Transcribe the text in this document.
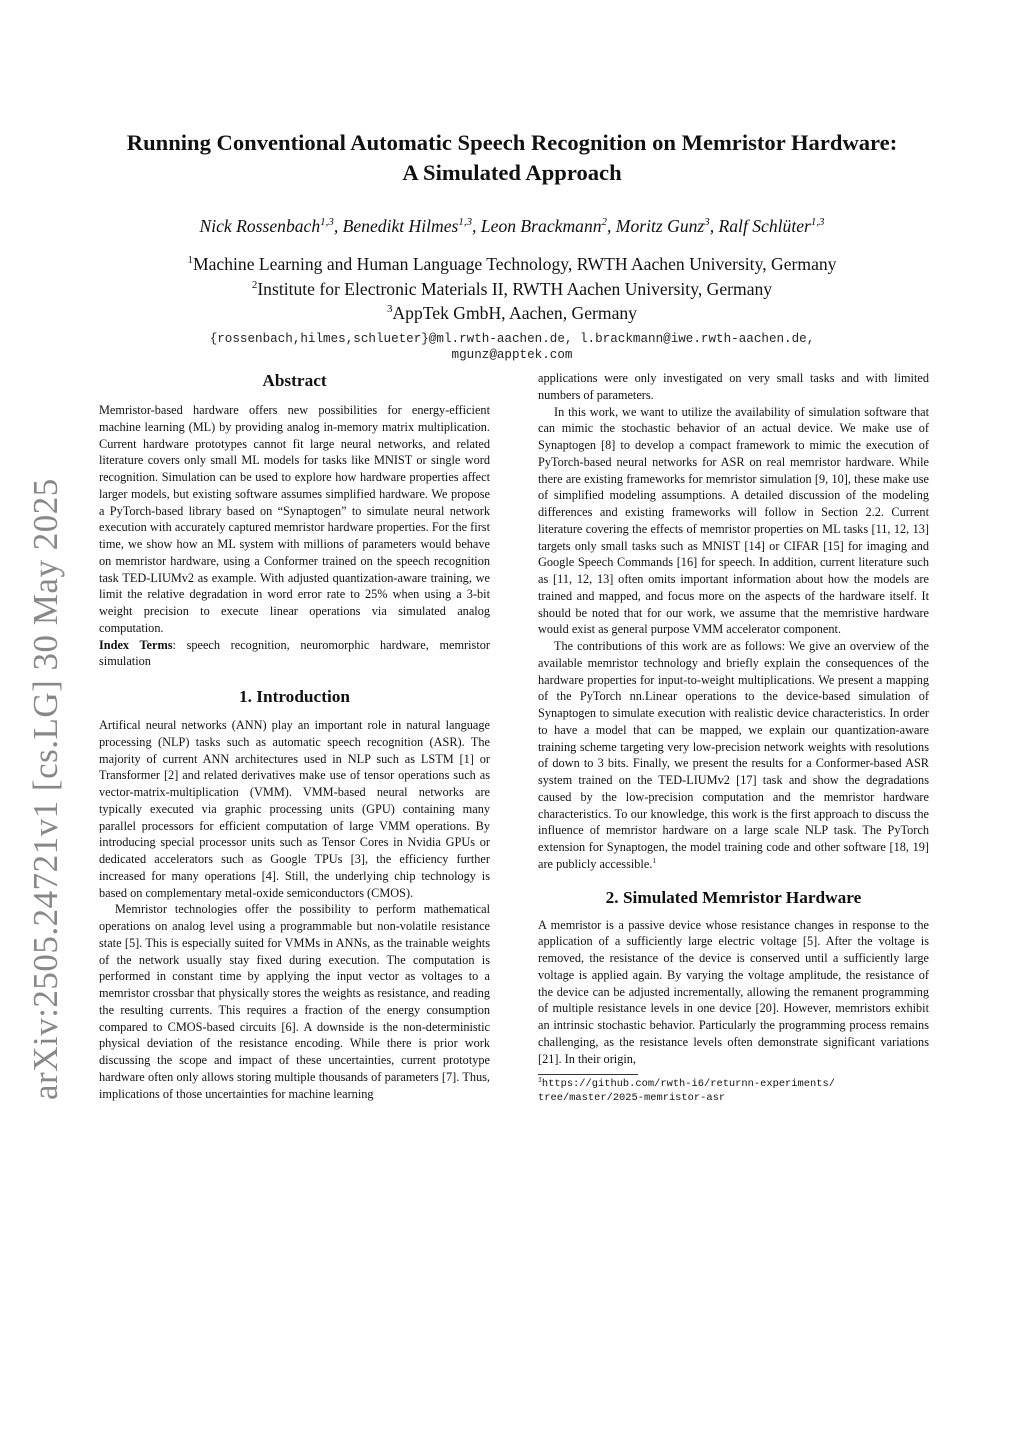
arXiv:2505.24721v1 [cs.LG] 30 May 2025
Running Conventional Automatic Speech Recognition on Memristor Hardware:
A Simulated Approach
Nick Rossenbach$^{1,3}$, Benedikt Hilmes$^{1,3}$, Leon Brackmann$^2$, Moritz Gunz$^3$, Ralf Schlüter$^{1,3}$
$^1$Machine Learning and Human Language Technology, RWTH Aachen University, Germany
$^2$Institute for Electronic Materials II, RWTH Aachen University, Germany
$^3$AppTek GmbH, Aachen, Germany
{rossenbach,hilmes,schlueter}@ml.rwth-aachen.de, l.brackmann@iwe.rwth-aachen.de,
mgunz@apptek.com
Abstract

Memristor-based hardware offers new possibilities for energy-efficient machine learning (ML) by providing analog in-memory matrix multiplication. Current hardware prototypes cannot fit large neural networks, and related literature covers only small ML models for tasks like MNIST or single word recognition. Simulation can be used to explore how hardware properties affect larger models, but existing software assumes simplified hardware. We propose a PyTorch-based library based on “Synaptogen” to simulate neural network execution with accurately captured memristor hardware properties. For the first time, we show how an ML system with millions of parameters would behave on memristor hardware, using a Conformer trained on the speech recognition task TED-LIUMv2 as example. With adjusted quantization-aware training, we limit the relative degradation in word error rate to 25% when using a 3-bit weight precision to execute linear operations via simulated analog computation.

Index Terms: speech recognition, neuromorphic hardware, memristor simulation

1. Introduction

Artifical neural networks (ANN) play an important role in natural language processing (NLP) tasks such as automatic speech recognition (ASR). The majority of current ANN architectures used in NLP such as LSTM [1] or Transformer [2] and related derivatives make use of tensor operations such as vector-matrix-multiplication (VMM). VMM-based neural networks are typically executed via graphic processing units (GPU) containing many parallel processors for efficient computation of large VMM operations. By introducing special processor units such as Tensor Cores in Nvidia GPUs or dedicated accelerators such as Google TPUs [3], the efficiency further increased for many operations [4]. Still, the underlying chip technology is based on complementary metal-oxide semiconductors (CMOS).

Memristor technologies offer the possibility to perform mathematical operations on analog level using a programmable but non-volatile resistance state [5]. This is especially suited for VMMs in ANNs, as the trainable weights of the network usually stay fixed during execution. The computation is performed in constant time by applying the input vector as voltages to a memristor crossbar that physically stores the weights as resistance, and reading the resulting currents. This requires a fraction of the energy consumption compared to CMOS-based circuits [6]. A downside is the non-deterministic physical deviation of the resistance encoding. While there is prior work discussing the scope and impact of these uncertainties, current prototype hardware often only allows storing multiple thousands of parameters [7]. Thus, implications of those uncertainties for machine learning

applications were only investigated on very small tasks and with limited numbers of parameters.

In this work, we want to utilize the availability of simulation software that can mimic the stochastic behavior of an actual device. We make use of Synaptogen [8] to develop a compact framework to mimic the execution of PyTorch-based neural networks for ASR on real memristor hardware. While there are existing frameworks for memristor simulation [9, 10], these make use of simplified modeling assumptions. A detailed discussion of the modeling differences and existing frameworks will follow in Section 2.2. Current literature covering the effects of memristor properties on ML tasks [11, 12, 13] targets only small tasks such as MNIST [14] or CIFAR [15] for imaging and Google Speech Commands [16] for speech. In addition, current literature such as [11, 12, 13] often omits important information about how the models are trained and mapped, and focus more on the aspects of the hardware itself. It should be noted that for our work, we assume that the memristive hardware would exist as general purpose VMM accelerator component.

The contributions of this work are as follows: We give an overview of the available memristor technology and briefly explain the consequences of the hardware properties for input-to-weight multiplications. We present a mapping of the PyTorch nn.Linear operations to the device-based simulation of Synaptogen to simulate execution with realistic device characteristics. In order to have a model that can be mapped, we explain our quantization-aware training scheme targeting very low-precision network weights with resolutions of down to 3 bits. Finally, we present the results for a Conformer-based ASR system trained on the TED-LIUMv2 [17] task and show the degradations caused by the low-precision computation and the memristor hardware characteristics. To our knowledge, this work is the first approach to discuss the influence of memristor hardware on a large scale NLP task. The PyTorch extension for Synaptogen, the model training code and other software [18, 19] are publicly accessible.$^1$

2. Simulated Memristor Hardware

A memristor is a passive device whose resistance changes in response to the application of a sufficiently large electric voltage [5]. After the voltage is removed, the resistance of the device is conserved until a sufficiently large voltage is applied again. By varying the voltage amplitude, the resistance of the device can be adjusted incrementally, allowing the remanent programming of multiple resistance levels in one device [20]. However, memristors exhibit an intrinsic stochastic behavior. Particularly the programming process remains challenging, as the resistance levels often demonstrate significant variations [21]. In their origin,

$^1$https://github.com/rwth-i6/returnn-experiments/
tree/master/2025-memristor-asr
